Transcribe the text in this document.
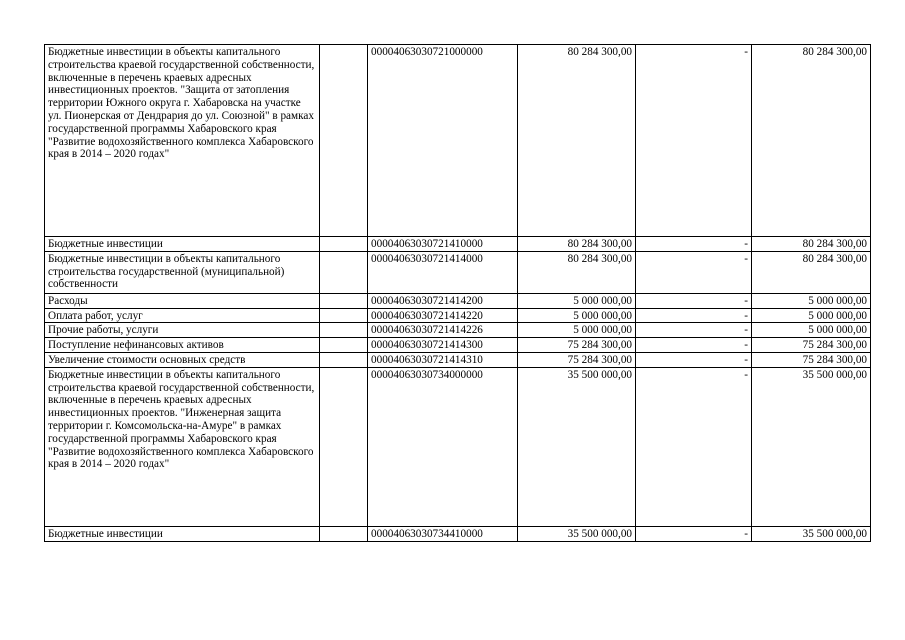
Бюджетные инвестиции в объекты капитального строительства краевой государственной собственности, включенные в перечень краевых адресных инвестиционных проектов. "Защита от затопления территории Южного округа г. Хабаровска на участке ул. Пионерская от Дендрария до ул. Союзной" в рамках государственной программы Хабаровского края "Развитие водохозяйственного комплекса Хабаровского края в 2014 – 2020 годах"		00004063030721000000	80 284 300,00	-	80 284 300,00
Бюджетные инвестиции		00004063030721410000	80 284 300,00	-	80 284 300,00
Бюджетные инвестиции в объекты капитального строительства государственной (муниципальной) собственности		00004063030721414000	80 284 300,00	-	80 284 300,00
Расходы		00004063030721414200	5 000 000,00	-	5 000 000,00
Оплата работ, услуг		00004063030721414220	5 000 000,00	-	5 000 000,00
Прочие работы, услуги		00004063030721414226	5 000 000,00	-	5 000 000,00
Поступление нефинансовых активов		00004063030721414300	75 284 300,00	-	75 284 300,00
Увеличение стоимости основных средств		00004063030721414310	75 284 300,00	-	75 284 300,00
Бюджетные инвестиции в объекты капитального строительства краевой государственной собственности, включенные в перечень краевых адресных инвестиционных проектов. "Инженерная защита территории г. Комсомольска-на-Амуре" в рамках государственной программы Хабаровского края "Развитие водохозяйственного комплекса Хабаровского края в 2014 – 2020 годах"		00004063030734000000	35 500 000,00	-	35 500 000,00
Бюджетные инвестиции		00004063030734410000	35 500 000,00	-	35 500 000,00
